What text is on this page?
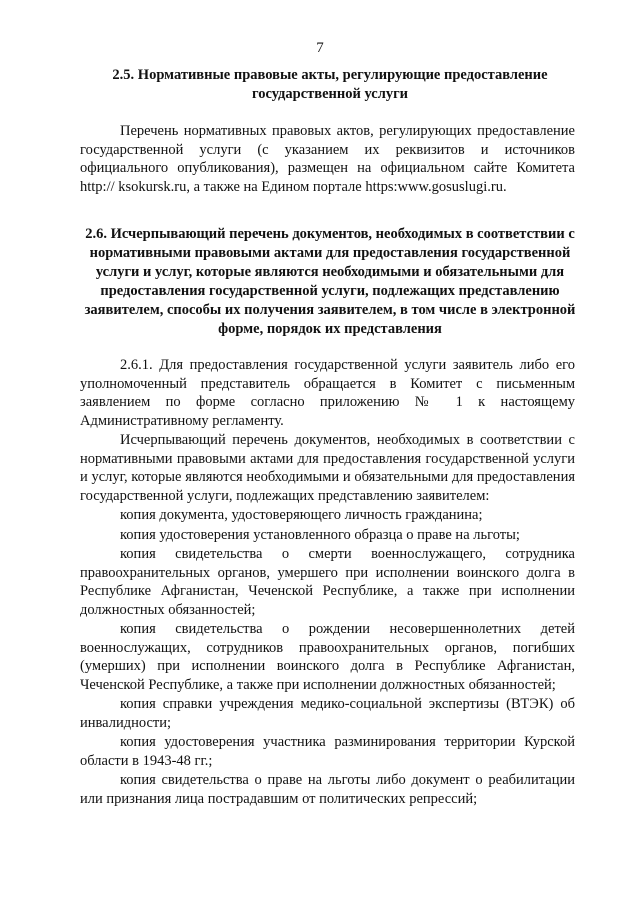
7
2.5. Нормативные правовые акты, регулирующие предоставление государственной услуги
Перечень нормативных правовых актов, регулирующих предоставление государственной услуги (с указанием их реквизитов и источников официального опубликования), размещен на официальном сайте Комитета http:// ksokursk.ru, а также на Едином портале https:www.gosuslugi.ru.
2.6. Исчерпывающий перечень документов, необходимых в соответствии с нормативными правовыми актами для предоставления государственной услуги и услуг, которые являются необходимыми и обязательными для предоставления государственной услуги, подлежащих представлению заявителем, способы их получения заявителем, в том числе в электронной форме, порядок их представления

2.6.1. Для предоставления государственной услуги заявитель либо его уполномоченный представитель обращается в Комитет с письменным заявлением по форме согласно приложению № 1 к настоящему Административному регламенту.

Исчерпывающий перечень документов, необходимых в соответствии с нормативными правовыми актами для предоставления государственной услуги и услуг, которые являются необходимыми и обязательными для предоставления государственной услуги, подлежащих представлению заявителем:

копия документа, удостоверяющего личность гражданина;

копия удостоверения установленного образца о праве на льготы;

копия свидетельства о смерти военнослужащего, сотрудника правоохранительных органов, умершего при исполнении воинского долга в Республике Афганистан, Чеченской Республике, а также при исполнении должностных обязанностей;

копия свидетельства о рождении несовершеннолетних детей военнослужащих, сотрудников правоохранительных органов, погибших (умерших) при исполнении воинского долга в Республике Афганистан, Чеченской Республике, а также при исполнении должностных обязанностей;

копия справки учреждения медико-социальной экспертизы (ВТЭК) об инвалидности;

копия удостоверения участника разминирования территории Курской области в 1943-48 гг.;

копия свидетельства о праве на льготы либо документ о реабилитации или признания лица пострадавшим от политических репрессий;
